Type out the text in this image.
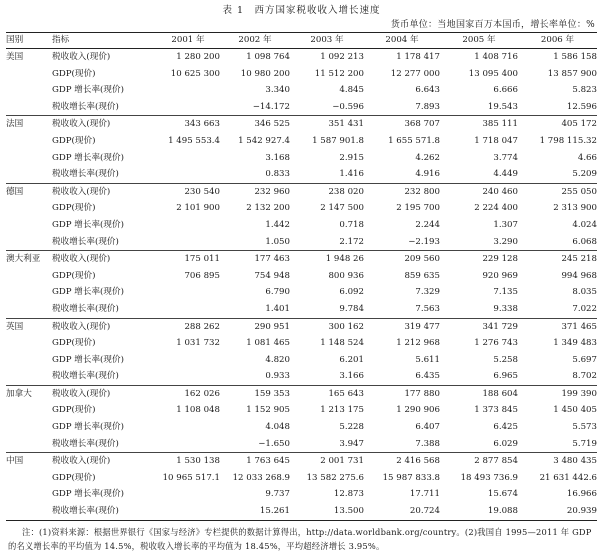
表 1　西方国家税收收入增长速度
货币单位：当地国家百万本国币，增长率单位：%
国别	指标	2001 年	2002 年	2003 年	2004 年	2005 年	2006 年
美国	税收收入(现价)	1 280 200	1 098 764	1 092 213	1 178 417	1 408 716	1 586 158
	GDP(现价)	10 625 300	10 980 200	11 512 200	12 277 000	13 095 400	13 857 900
	GDP 增长率(现价)		3.340	4.845	6.643	6.666	5.823
	税收增长率(现价)		−14.172	−0.596	7.893	19.543	12.596
法国	税收收入(现价)	343 663	346 525	351 431	368 707	385 111	405 172
	GDP(现价)	1 495 553.4	1 542 927.4	1 587 901.8	1 655 571.8	1 718 047	1 798 115.32
	GDP 增长率(现价)		3.168	2.915	4.262	3.774	4.66
	税收增长率(现价)		0.833	1.416	4.916	4.449	5.209
德国	税收收入(现价)	230 540	232 960	238 020	232 800	240 460	255 050
	GDP(现价)	2 101 900	2 132 200	2 147 500	2 195 700	2 224 400	2 313 900
	GDP 增长率(现价)		1.442	0.718	2.244	1.307	4.024
	税收增长率(现价)		1.050	2.172	−2.193	3.290	6.068
澳大利亚	税收收入(现价)	175 011	177 463	1 948 26	209 560	229 128	245 218
	GDP(现价)	706 895	754 948	800 936	859 635	920 969	994 968
	GDP 增长率(现价)		6.790	6.092	7.329	7.135	8.035
	税收增长率(现价)		1.401	9.784	7.563	9.338	7.022
英国	税收收入(现价)	288 262	290 951	300 162	319 477	341 729	371 465
	GDP(现价)	1 031 732	1 081 465	1 148 524	1 212 968	1 276 743	1 349 483
	GDP 增长率(现价)		4.820	6.201	5.611	5.258	5.697
	税收增长率(现价)		0.933	3.166	6.435	6.965	8.702
加拿大	税收收入(现价)	162 026	159 353	165 643	177 880	188 604	199 390
	GDP(现价)	1 108 048	1 152 905	1 213 175	1 290 906	1 373 845	1 450 405
	GDP 增长率(现价)		4.048	5.228	6.407	6.425	5.573
	税收增长率(现价)		−1.650	3.947	7.388	6.029	5.719
中国	税收收入(现价)	1 530 138	1 763 645	2 001 731	2 416 568	2 877 854	3 480 435
	GDP(现价)	10 965 517.1	12 033 268.9	13 582 275.6	15 987 833.8	18 493 736.9	21 631 442.6
	GDP 增长率(现价)		9.737	12.873	17.711	15.674	16.966
	税收增长率(现价)		15.261	13.500	20.724	19.088	20.939
注：(1)资料来源：根据世界银行《国家与经济》专栏提供的数据计算得出，http://data.worldbank.org/country。(2)我国自 1995—2011 年 GDP 的名义增长率的平均值为 14.5%，税收收入增长率的平均值为 18.45%，平均超经济增长 3.95%。
